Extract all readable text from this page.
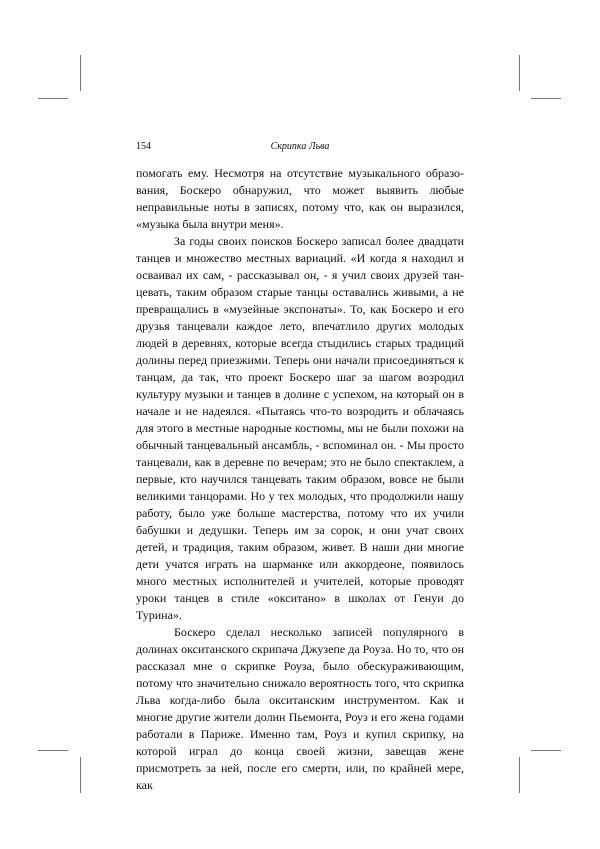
154	Скрипка Льва

помогать ему. Несмотря на отсутствие музыкального образования, Боскеро обнаружил, что может выявить любые неправильные ноты в записях, потому что, как он выразился, «музыка была внутри меня».

За годы своих поисков Боскеро записал более двадцати танцев и множество местных вариаций. «И когда я находил и осваивал их сам, - рассказывал он, - я учил своих друзей танцевать, таким образом старые танцы оставались живыми, а не превращались в «музейные экспонаты». То, как Боскеро и его друзья танцевали каждое лето, впечатлило других молодых людей в деревнях, которые всегда стыдились старых традиций долины перед приезжими. Теперь они начали присоединяться к танцам, да так, что проект Боскеро шаг за шагом возродил культуру музыки и танцев в долине с успехом, на который он в начале и не надеялся. «Пытаясь что-то возродить и облачаясь для этого в местные народные костюмы, мы не были похожи на обычный танцевальный ансамбль, - вспоминал он. - Мы просто танцевали, как в деревне по вечерам; это не было спектаклем, а первые, кто научился танцевать таким образом, вовсе не были великими танцорами. Но у тех молодых, что продолжили нашу работу, было уже больше мастерства, потому что их учили бабушки и дедушки. Теперь им за сорок, и они учат своих детей, и традиция, таким образом, живет. В наши дни многие дети учатся играть на шарманке или аккордеоне, появилось много местных исполнителей и учителей, которые проводят уроки танцев в стиле «окситано» в школах от Генуи до Турина».

Боскеро сделал несколько записей популярного в долинах окситанского скрипача Джузепе да Роуза. Но то, что он рассказал мне о скрипке Роуза, было обескураживающим, потому что значительно снижало вероятность того, что скрипка Льва когда-либо была окситанским инструментом. Как и многие другие жители долин Пьемонта, Роуз и его жена годами работали в Париже. Именно там, Роуз и купил скрипку, на которой играл до конца своей жизни, завещав жене присмотреть за ней, после его смерти, или, по крайней мере, как
